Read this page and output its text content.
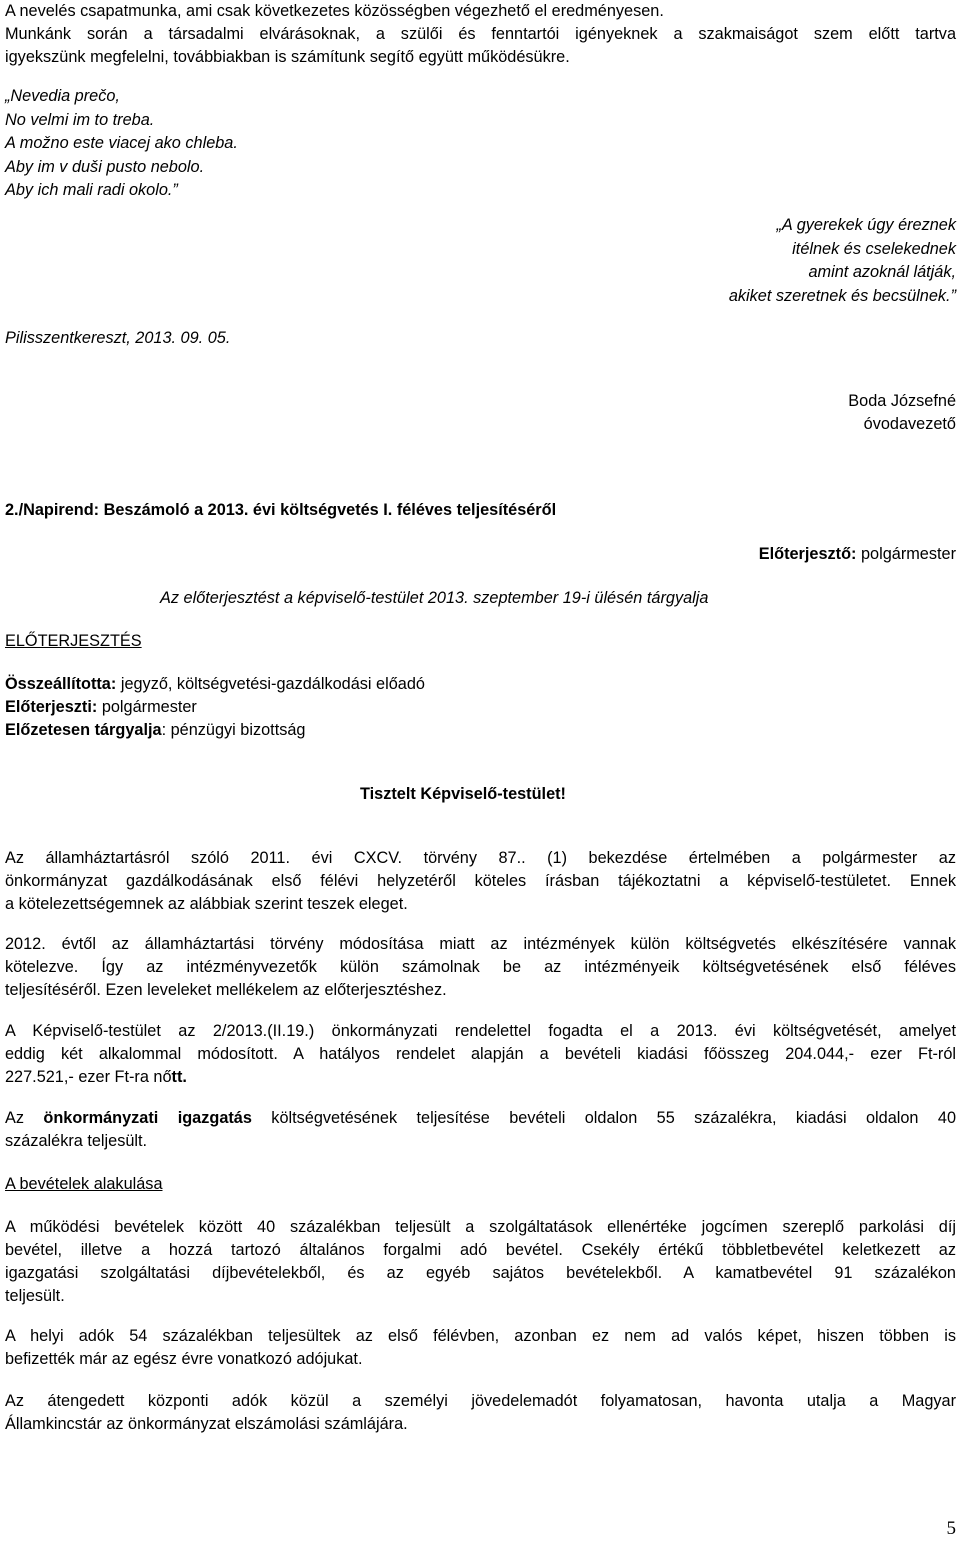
A nevelés csapatmunka, ami csak következetes közösségben végezhető el eredményesen.
Munkánk során a társadalmi elvárásoknak, a szülői és fenntartói igényeknek a szakmaiságot szem előtt tartva
igyekszünk megfelelni, továbbiakban is számítunk segítő együtt működésükre.
„Nevedia prečo,
No velmi im to treba.
A možno este viacej ako chleba.
Aby im v duši pusto nebolo.
Aby ich mali radi okolo.”
„A gyerekek úgy éreznek
itélnek és cselekednek
amint azoknál látják,
akiket szeretnek és becsülnek.”
Pilisszentkereszt, 2013. 09. 05.
Boda Józsefné
óvodavezető
2./Napirend: Beszámoló a 2013. évi költségvetés I. féléves teljesítéséről
Előterjesztő: polgármester
Az előterjesztést a képviselő-testület 2013. szeptember 19-i ülésén tárgyalja
ELŐTERJESZTÉS
Összeállította: jegyző, költségvetési-gazdálkodási előadó
Előterjeszti: polgármester
Előzetesen tárgyalja: pénzügyi bizottság
Tisztelt Képviselő-testület!
Az államháztartásról szóló 2011. évi CXCV. törvény 87.. (1) bekezdése értelmében a polgármester az
önkormányzat gazdálkodásának első félévi helyzetéről köteles írásban tájékoztatni a képviselő-testületet. Ennek
a kötelezettségemnek az alábbiak szerint teszek eleget.
2012. évtől az államháztartási törvény módosítása miatt az intézmények külön költségvetés elkészítésére vannak
kötelezve. Így az intézményvezetők külön számolnak be az intézményeik költségvetésének első féléves
teljesítéséről. Ezen leveleket mellékelem az előterjesztéshez.
A Képviselő-testület az 2/2013.(II.19.) önkormányzati rendelettel fogadta el a 2013. évi költségvetését, amelyet
eddig két alkalommal módosított. A hatályos rendelet alapján a bevételi kiadási főösszeg 204.044,- ezer Ft-ról
227.521,- ezer Ft-ra nőtt.
Az önkormányzati igazgatás költségvetésének teljesítése bevételi oldalon 55 százalékra, kiadási oldalon 40
százalékra teljesült.
A bevételek alakulása
A működési bevételek között 40 százalékban teljesült a szolgáltatások ellenértéke jogcímen szereplő parkolási díj
bevétel, illetve a hozzá tartozó általános forgalmi adó bevétel. Csekély értékű többletbevétel keletkezett az
igazgatási szolgáltatási díjbevételekből, és az egyéb sajátos bevételekből. A kamatbevétel 91 százalékon
teljesült.
A helyi adók 54 százalékban teljesültek az első félévben, azonban ez nem ad valós képet, hiszen többen is
befizették már az egész évre vonatkozó adójukat.
Az átengedett központi adók közül a személyi jövedelemadót folyamatosan, havonta utalja a Magyar
Államkincstár az önkormányzat elszámolási számlájára.
5
